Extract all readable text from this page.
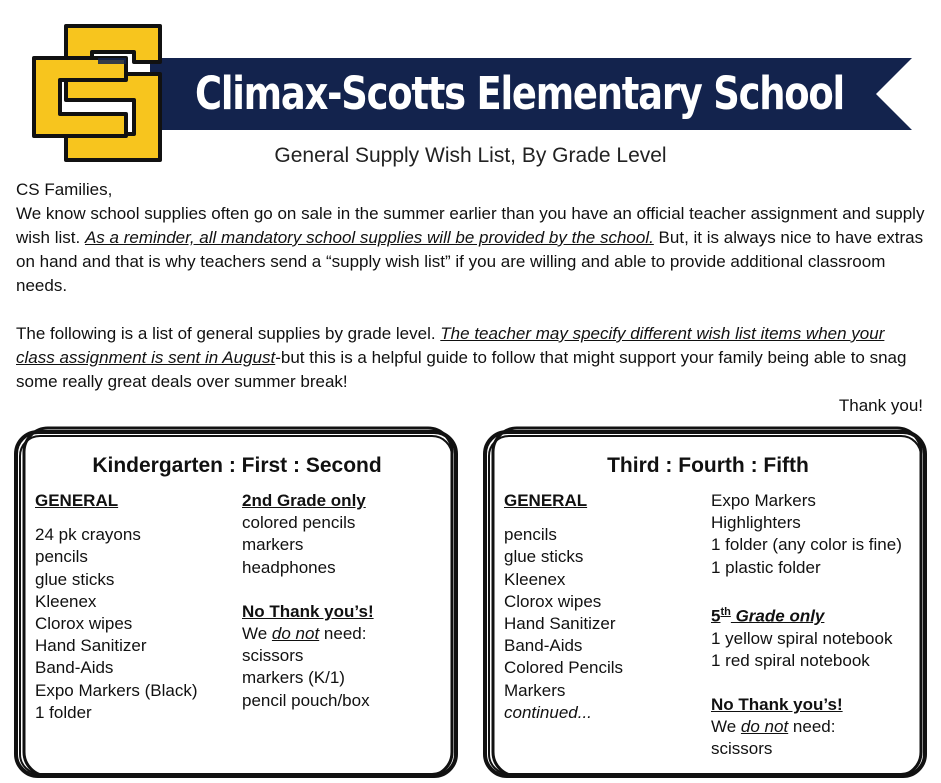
Climax-Scotts Elementary School
General Supply Wish List, By Grade Level

CS Families,

We know school supplies often go on sale in the summer earlier than you have an official teacher assignment and supply wish list. As a reminder, all mandatory school supplies will be provided by the school. But, it is always nice to have extras on hand and that is why teachers send a “supply wish list” if you are willing and able to provide additional classroom needs.

The following is a list of general supplies by grade level. The teacher may specify different wish list items when your class assignment is sent in August-but this is a helpful guide to follow that might support your family being able to snag some really great deals over summer break!

Thank you!
Kindergarten : First : Second
GENERAL
24 pk crayons
pencils
glue sticks
Kleenex
Clorox wipes
Hand Sanitizer
Band-Aids
Expo Markers (Black)
1 folder
2nd Grade only
colored pencils
markers
headphones
No Thank you’s!
We do not need:
scissors
markers (K/1)
pencil pouch/box
Third : Fourth : Fifth
GENERAL
pencils
glue sticks
Kleenex
Clorox wipes
Hand Sanitizer
Band-Aids
Colored Pencils
Markers
continued...
Expo Markers
Highlighters
1 folder (any color is fine)
1 plastic folder
5th Grade only
1 yellow spiral notebook
1 red spiral notebook
No Thank you’s!
We do not need:
scissors
